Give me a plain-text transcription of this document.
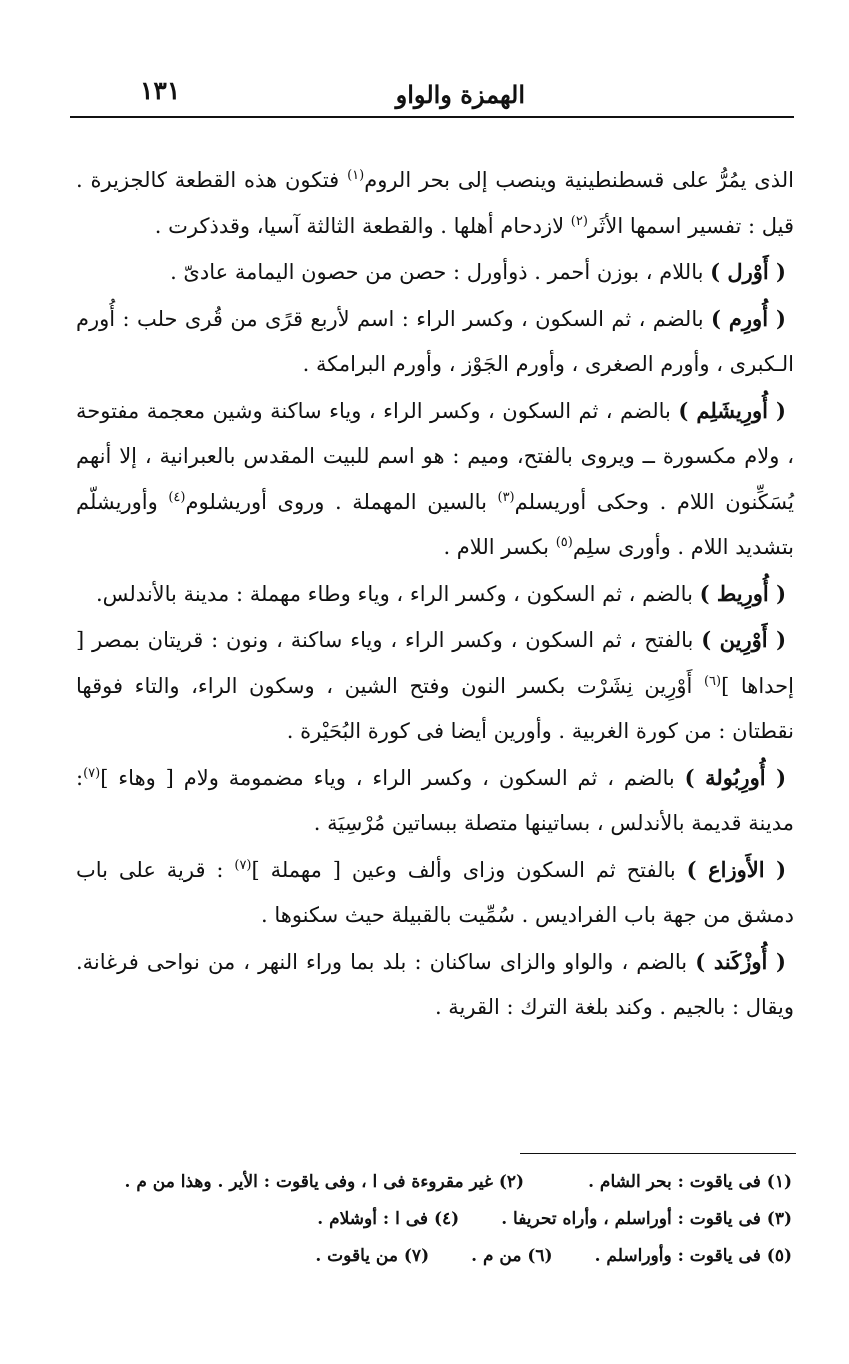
الهمزة والواو
١٣١

الذى يمُرُّ على قسطنطينية وينصب إلى بحر الروم$^{(١)}$ فتكون هذه القطعة كالجزيرة . قيل : تفسير اسمها الأثَر$^{(٢)}$ لازدحام أهلها . والقطعة الثالثة آسيا، وقدذكرت .

( أَوْرل ) باللام ، بوزن أحمر . ذوأورل : حصن من حصون اليمامة عادىّ .

( أُورِم ) بالضم ، ثم السكون ، وكسر الراء : اسم لأربع قرًى من قُرى حلب : أُورم الـكبرى ، وأورم الصغرى ، وأورم الجَوْز ، وأورم البرامكة .

( أُورِيشَلِم ) بالضم ، ثم السكون ، وكسر الراء ، وياء ساكنة وشين معجمة مفتوحة ، ولام مكسورة ــ ويروى بالفتح، وميم : هو اسم للبيت المقدس بالعبرانية ، إلا أنهم يُسَكِّنون اللام . وحكى أوريسلم$^{(٣)}$ بالسين المهملة . وروى أوريشلوم$^{(٤)}$ وأوريشلّم بتشديد اللام . وأورى سلِم$^{(٥)}$ بكسر اللام .

( أُورِيط ) بالضم ، ثم السكون ، وكسر الراء ، وياء وطاء مهملة : مدينة بالأندلس.

( أَوْرِين ) بالفتح ، ثم السكون ، وكسر الراء ، وياء ساكنة ، ونون : قريتان بمصر [ إحداها ]$^{(٦)}$ أَوْرِين نِشَرْت بكسر النون وفتح الشين ، وسكون الراء، والتاء فوقها نقطتان : من كورة الغربية . وأورين أيضا فى كورة البُحَيْرة .

( أُورِبُولة ) بالضم ، ثم السكون ، وكسر الراء ، وياء مضمومة ولام [ وهاء ]$^{(٧)}$: مدينة قديمة بالأندلس ، بساتينها متصلة ببساتين مُرْسِيَة .

( الأَوزاع ) بالفتح ثم السكون وزاى وألف وعين [ مهملة ]$^{(٧)}$ : قرية على باب دمشق من جهة باب الفراديس . سُمِّيت بالقبيلة حيث سكنوها .

( أُوزْكَند ) بالضم ، والواو والزاى ساكنان : بلد بما وراء النهر ، من نواحى فرغانة. ويقال : بالجيم . وكند بلغة الترك : القرية .

(١) فى ياقوت : بحر الشام .(٢) غير مقروءة فى ا ، وفى ياقوت : الأير . وهذا من م .
(٣) فى ياقوت : أوراسلم ، وأراه تحريفا .(٤) فى ا : أوشلام .
(٥) فى ياقوت : وأوراسلم .(٦) من م .(٧) من ياقوت .
